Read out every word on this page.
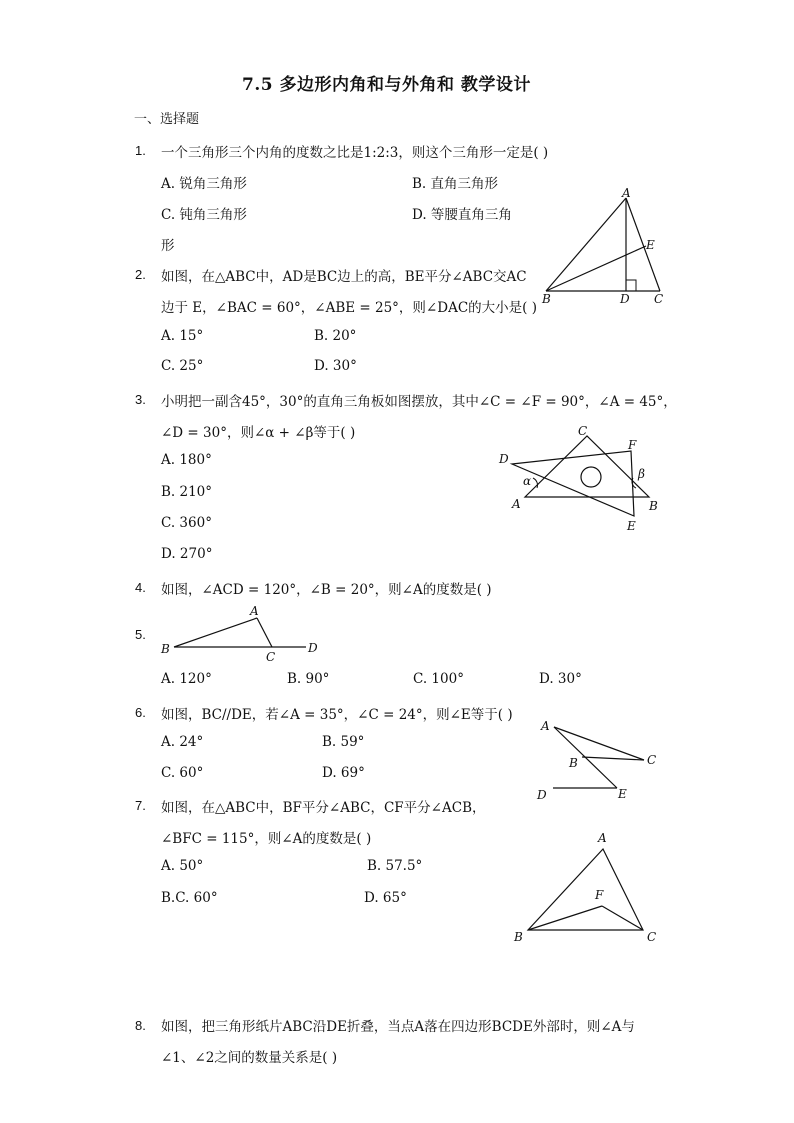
7.5 多边形内角和与外角和 教学设计
一、选择题
1. 一个三角形三个内角的度数之比是1:2:3，则这个三角形一定是( )
A. 锐角三角形	B. 直角三角形
C. 钝角三角形	D. 等腰直角三角
形
2. 如图，在△ABC中，AD是BC边上的高，BE平分∠ABC交AC
边于 E，∠BAC = 60°，∠ABE = 25°，则∠DAC的大小是( )
A. 15°	B. 20°
C. 25°	D. 30°
A
B	C
D
E
3. 小明把一副含45°，30°的直角三角板如图摆放，其中∠C = ∠F = 90°，∠A = 45°，
∠D = 30°，则∠α + ∠β等于( )
A. 180°
B. 210°
C. 360°
D. 270°
C
F
D
α	β
A	B
E
4. 如图，∠ACD = 120°，∠B = 20°，则∠A的度数是( )
5.
A
B
C
D
A. 120°	B. 90°	C. 100°	D. 30°
6. 如图，BC//DE，若∠A = 35°，∠C = 24°，则∠E等于( )
A. 24°	B. 59°
C. 60°	D. 69°
A
B	C
D	E
7. 如图，在△ABC中，BF平分∠ABC，CF平分∠ACB，
∠BFC = 115°，则∠A的度数是( )
A. 50°	B. 57.5°
B.C. 60°	D. 65°
A
B	C
F
8. 如图，把三角形纸片ABC沿DE折叠，当点A落在四边形BCDE外部时，则∠A与
∠1、∠2之间的数量关系是( )
